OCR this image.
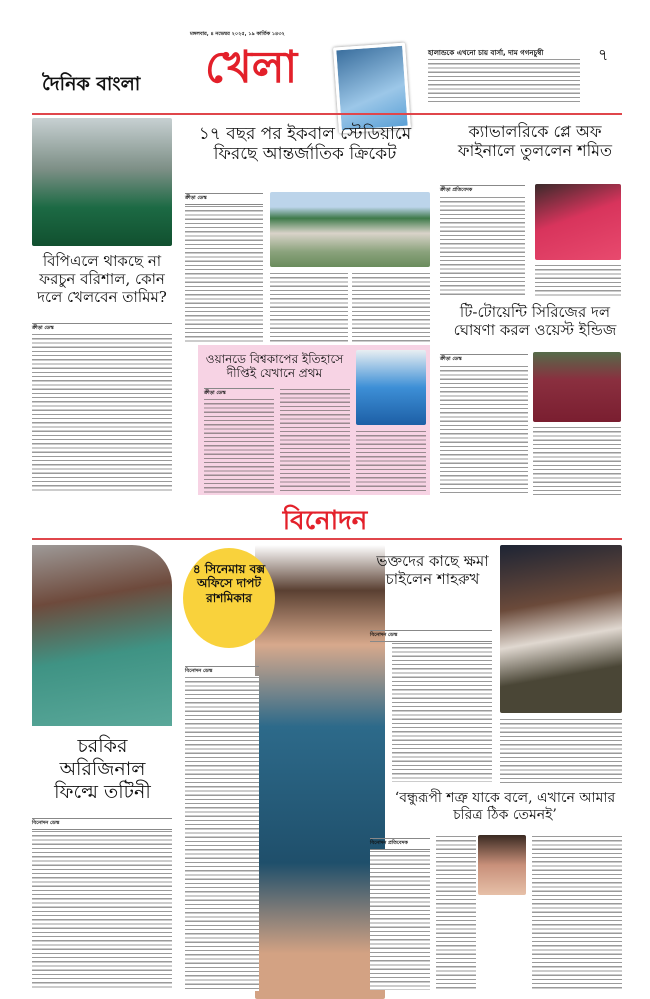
মঙ্গলবার, ৪ নভেম্বর ২০২৫, ১৯ কার্তিক ১৪৩২
দৈনিক বাংলা খেলা	হালান্ডকে এখনো চায় বার্সা, দাম গগনচুম্বী	৭
বিপিএলে থাকছে না ফরচুন বরিশাল, কোন দলে খেলবেন তামিম?
ক্রীড়া ডেস্ক
১৭ বছর পর ইকবাল স্টেডিয়ামে ফিরছে আন্তর্জাতিক ক্রিকেট
ক্রীড়া ডেস্ক
ক্যাভালরিকে প্লে অফ ফাইনালে তুললেন শমিত
ক্রীড়া প্রতিবেদক
টি-টোয়েন্টি সিরিজের দল ঘোষণা করল ওয়েস্ট ইন্ডিজ
ক্রীড়া ডেস্ক
ওয়ানডে বিশ্বকাপের ইতিহাসে দীপ্তিই যেখানে প্রথম
ক্রীড়া ডেস্ক
বিনোদন
চরকির অরিজিনাল ফিল্মে তটিনী
বিনোদন ডেস্ক
৪ সিনেমায় বক্স অফিসে দাপট রাশমিকার
বিনোদন ডেস্ক
ভক্তদের কাছে ক্ষমা চাইলেন শাহরুখ
বিনোদন ডেস্ক
‘বন্ধুরূপী শত্রু যাকে বলে, এখানে আমার চরিত্র ঠিক তেমনই’
বিনোদন প্রতিবেদক
